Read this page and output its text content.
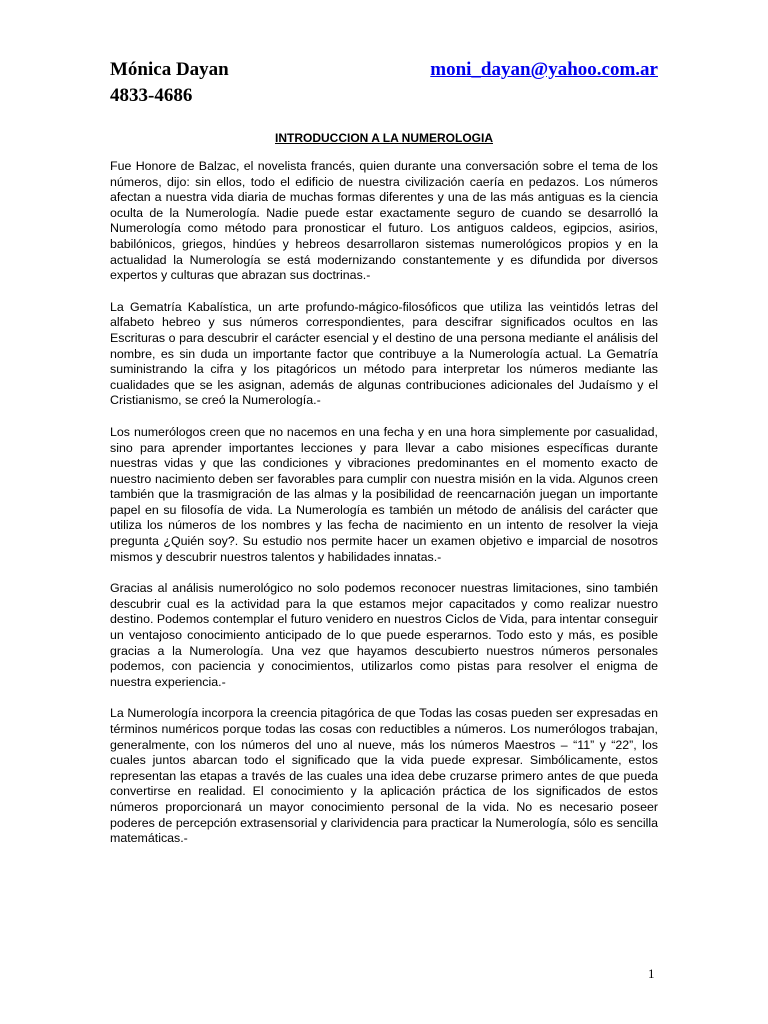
Mónica Dayan	moni_dayan@yahoo.com.ar
4833-4686
INTRODUCCION A LA NUMEROLOGIA

Fue Honore de Balzac, el novelista francés, quien durante una conversación sobre el tema de los números, dijo: sin ellos, todo el edificio de nuestra civilización caería en pedazos. Los números afectan a nuestra vida diaria de muchas formas diferentes y una de las más antiguas es la ciencia oculta de la Numerología. Nadie puede estar exactamente seguro de cuando se desarrolló la Numerología como método para pronosticar el futuro. Los antiguos caldeos, egipcios, asirios, babilónicos, griegos, hindúes y hebreos desarrollaron sistemas numerológicos propios y en la actualidad la Numerología se está modernizando constantemente y es difundida por diversos expertos y culturas que abrazan sus doctrinas.-

La Gematría Kabalística, un arte profundo-mágico-filosóficos que utiliza las veintidós letras del alfabeto hebreo y sus números correspondientes, para descifrar significados ocultos en las Escrituras o para descubrir el carácter esencial y el destino de una persona mediante el análisis del nombre, es sin duda un importante factor que contribuye a la Numerología actual. La Gematría suministrando la cifra y los pitagóricos un método para interpretar los números mediante las cualidades que se les asignan, además de algunas contribuciones adicionales del Judaísmo y el Cristianismo, se creó la Numerología.-

Los numerólogos creen que no nacemos en una fecha y en una hora simplemente por casualidad, sino para aprender importantes lecciones y para llevar a cabo misiones específicas durante nuestras vidas y que las condiciones y vibraciones predominantes en el momento exacto de nuestro nacimiento deben ser favorables para cumplir con nuestra misión en la vida. Algunos creen también que la trasmigración de las almas y la posibilidad de reencarnación juegan un importante papel en su filosofía de vida. La Numerología es también un método de análisis del carácter que utiliza los números de los nombres y las fecha de nacimiento en un intento de resolver la vieja pregunta ¿Quién soy?. Su estudio nos permite hacer un examen objetivo e imparcial de nosotros mismos y descubrir nuestros talentos y habilidades innatas.-

Gracias al análisis numerológico no solo podemos reconocer nuestras limitaciones, sino también descubrir cual es la actividad para la que estamos mejor capacitados y como realizar nuestro destino. Podemos contemplar el futuro venidero en nuestros Ciclos de Vida, para intentar conseguir un ventajoso conocimiento anticipado de lo que puede esperarnos. Todo esto y más, es posible gracias a la Numerología. Una vez que hayamos descubierto nuestros números personales podemos, con paciencia y conocimientos, utilizarlos como pistas para resolver el enigma de nuestra experiencia.-

La Numerología incorpora la creencia pitagórica de que Todas las cosas pueden ser expresadas en términos numéricos porque todas las cosas con reductibles a números. Los numerólogos trabajan, generalmente, con los números del uno al nueve, más los números Maestros – “11” y “22”, los cuales juntos abarcan todo el significado que la vida puede expresar. Simbólicamente, estos representan las etapas a través de las cuales una idea debe cruzarse primero antes de que pueda convertirse en realidad. El conocimiento y la aplicación práctica de los significados de estos números proporcionará un mayor conocimiento personal de la vida. No es necesario poseer poderes de percepción extrasensorial y clarividencia para practicar la Numerología, sólo es sencilla matemáticas.-

1
